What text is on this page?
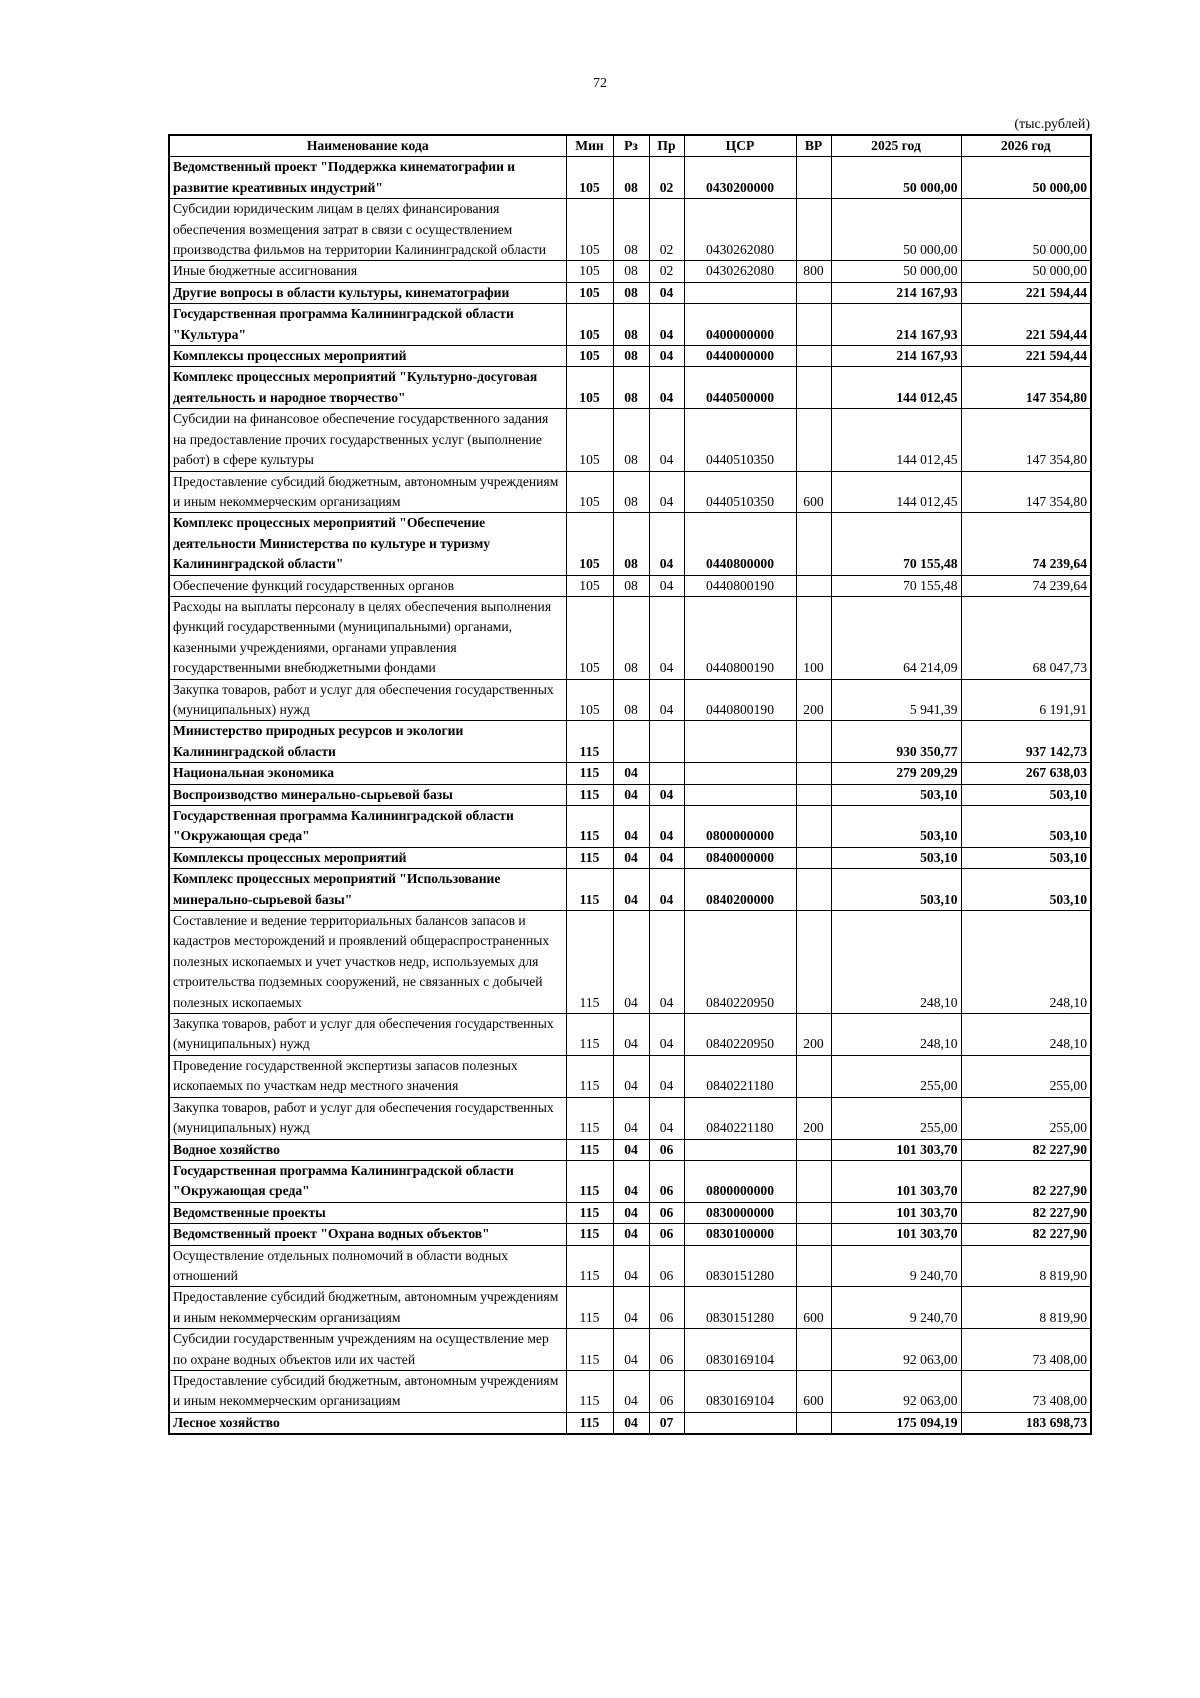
72
(тыс.рублей)
Наименование кода	Мин	Рз	Пр	ЦСР	ВР	2025 год	2026 год
Ведомственный проект "Поддержка кинематографии и развитие креативных индустрий"	105	08	02	0430200000		50 000,00	50 000,00
Субсидии юридическим лицам в целях финансирования обеспечения возмещения затрат в связи с осуществлением производства фильмов на территории Калининградской области	105	08	02	0430262080		50 000,00	50 000,00
Иные бюджетные ассигнования	105	08	02	0430262080	800	50 000,00	50 000,00
Другие вопросы в области культуры, кинематографии	105	08	04			214 167,93	221 594,44
Государственная программа Калининградской области "Культура"	105	08	04	0400000000		214 167,93	221 594,44
Комплексы процессных мероприятий	105	08	04	0440000000		214 167,93	221 594,44
Комплекс процессных мероприятий "Культурно-досуговая деятельность и народное творчество"	105	08	04	0440500000		144 012,45	147 354,80
Субсидии на финансовое обеспечение государственного задания на предоставление прочих государственных услуг (выполнение работ) в сфере культуры	105	08	04	0440510350		144 012,45	147 354,80
Предоставление субсидий бюджетным, автономным учреждениям и иным некоммерческим организациям	105	08	04	0440510350	600	144 012,45	147 354,80
Комплекс процессных мероприятий "Обеспечение деятельности Министерства по культуре и туризму Калининградской области"	105	08	04	0440800000		70 155,48	74 239,64
Обеспечение функций государственных органов	105	08	04	0440800190		70 155,48	74 239,64
Расходы на выплаты персоналу в целях обеспечения выполнения функций государственными (муниципальными) органами, казенными учреждениями, органами управления государственными внебюджетными фондами	105	08	04	0440800190	100	64 214,09	68 047,73
Закупка товаров, работ и услуг для обеспечения государственных (муниципальных) нужд	105	08	04	0440800190	200	5 941,39	6 191,91
Министерство природных ресурсов и экологии Калининградской области	115					930 350,77	937 142,73
Национальная экономика	115	04				279 209,29	267 638,03
Воспроизводство минерально-сырьевой базы	115	04	04			503,10	503,10
Государственная программа Калининградской области "Окружающая среда"	115	04	04	0800000000		503,10	503,10
Комплексы процессных мероприятий	115	04	04	0840000000		503,10	503,10
Комплекс процессных мероприятий "Использование минерально-сырьевой базы"	115	04	04	0840200000		503,10	503,10
Составление и ведение территориальных балансов запасов и кадастров месторождений и проявлений общераспространенных полезных ископаемых и учет участков недр, используемых для строительства подземных сооружений, не связанных с добычей полезных ископаемых	115	04	04	0840220950		248,10	248,10
Закупка товаров, работ и услуг для обеспечения государственных (муниципальных) нужд	115	04	04	0840220950	200	248,10	248,10
Проведение государственной экспертизы запасов полезных ископаемых по участкам недр местного значения	115	04	04	0840221180		255,00	255,00
Закупка товаров, работ и услуг для обеспечения государственных (муниципальных) нужд	115	04	04	0840221180	200	255,00	255,00
Водное хозяйство	115	04	06			101 303,70	82 227,90
Государственная программа Калининградской области "Окружающая среда"	115	04	06	0800000000		101 303,70	82 227,90
Ведомственные проекты	115	04	06	0830000000		101 303,70	82 227,90
Ведомственный проект "Охрана водных объектов"	115	04	06	0830100000		101 303,70	82 227,90
Осуществление отдельных полномочий в области водных отношений	115	04	06	0830151280		9 240,70	8 819,90
Предоставление субсидий бюджетным, автономным учреждениям и иным некоммерческим организациям	115	04	06	0830151280	600	9 240,70	8 819,90
Субсидии государственным учреждениям на осуществление мер по охране водных объектов или их частей	115	04	06	0830169104		92 063,00	73 408,00
Предоставление субсидий бюджетным, автономным учреждениям и иным некоммерческим организациям	115	04	06	0830169104	600	92 063,00	73 408,00
Лесное хозяйство	115	04	07			175 094,19	183 698,73
